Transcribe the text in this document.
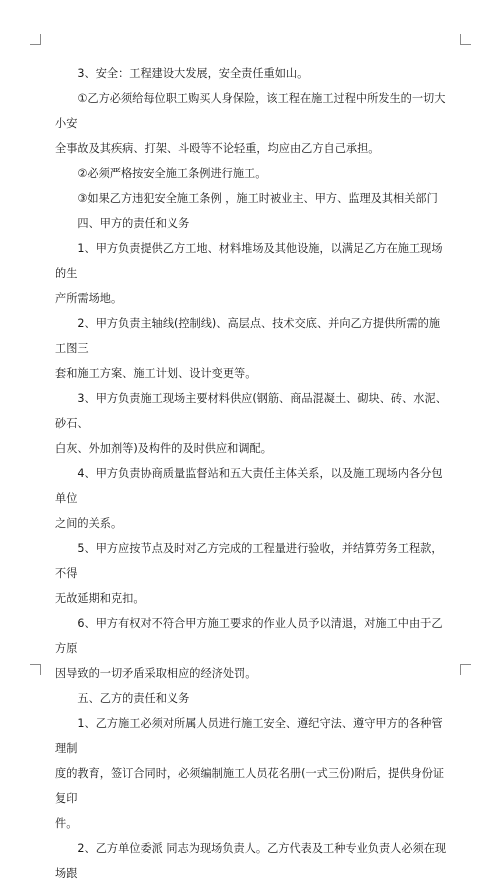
3、安全：工程建设大发展，安全责任重如山。
①乙方必须给每位职工购买人身保险，该工程在施工过程中所发生的一切大小安
全事故及其疾病、打架、斗殴等不论轻重，均应由乙方自己承担。
②必须严格按安全施工条例进行施工。
③如果乙方违犯安全施工条例 ，施工时被业主、甲方、监理及其相关部门
四、甲方的责任和义务
1、甲方负责提供乙方工地、材料堆场及其他设施，以满足乙方在施工现场的生
产所需场地。
2、甲方负责主轴线(控制线)、高层点、技术交底、并向乙方提供所需的施工图三
套和施工方案、施工计划、设计变更等。
3、甲方负责施工现场主要材料供应(钢筋、商品混凝土、砌块、砖、水泥、砂石、
白灰、外加剂等)及构件的及时供应和调配。
4、甲方负责协商质量监督站和五大责任主体关系，以及施工现场内各分包单位
之间的关系。
5、甲方应按节点及时对乙方完成的工程量进行验收，并结算劳务工程款，不得
无故延期和克扣。
6、甲方有权对不符合甲方施工要求的作业人员予以清退，对施工中由于乙方原
因导致的一切矛盾采取相应的经济处罚。
五、乙方的责任和义务
1、乙方施工必须对所属人员进行施工安全、遵纪守法、遵守甲方的各种管理制
度的教育，签订合同时，必须编制施工人员花名册(一式三份)附后，提供身份证复印
件。
2、乙方单位委派 同志为现场负责人。乙方代表及工种专业负责人必须在现场跟
